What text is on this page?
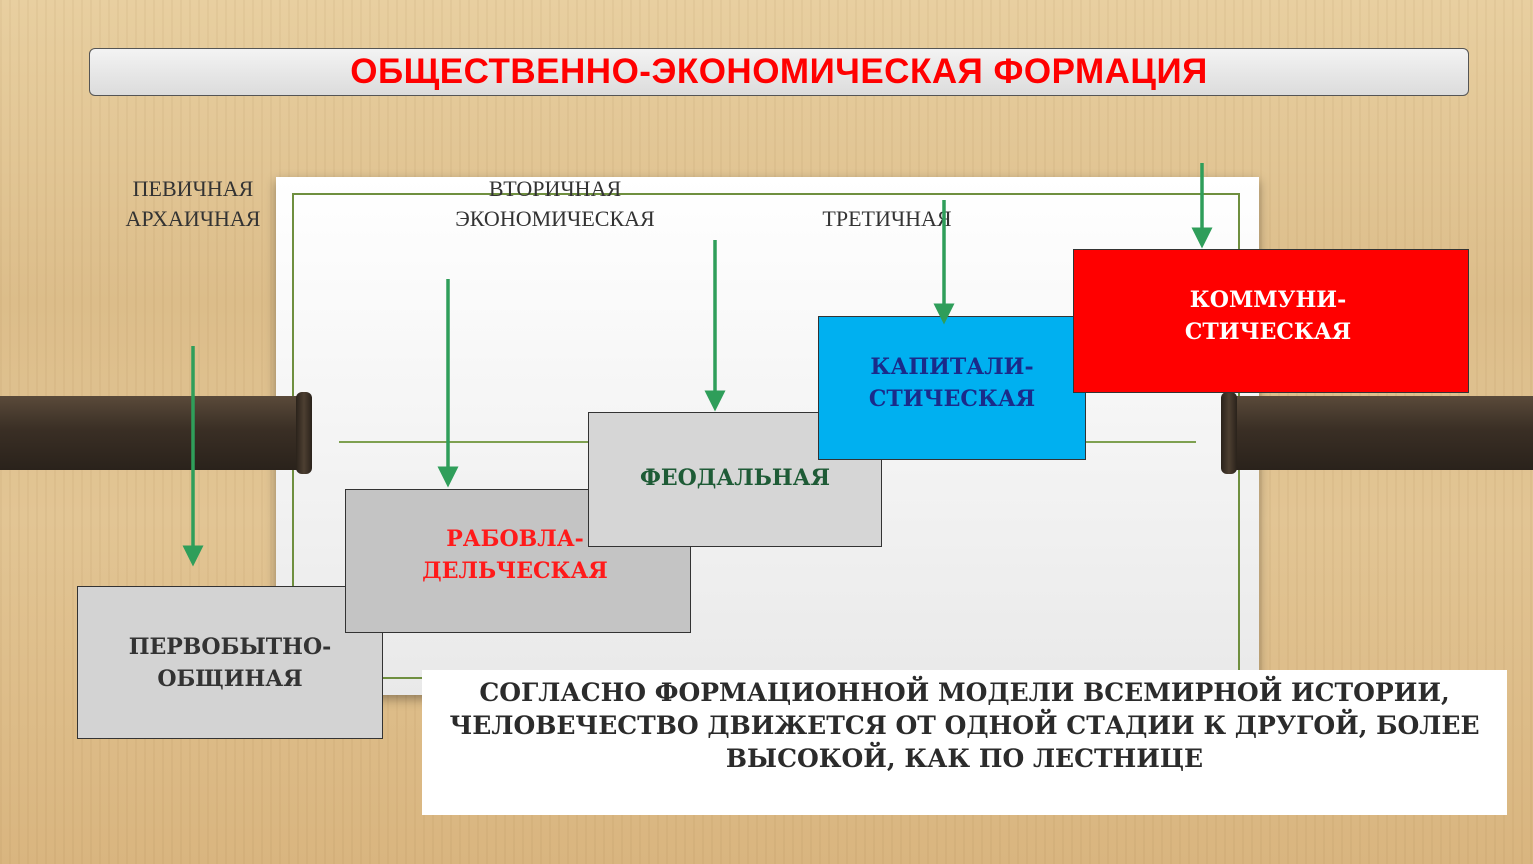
ОБЩЕСТВЕННО-ЭКОНОМИЧЕСКАЯ ФОРМАЦИЯ
ПЕВИЧНАЯ
АРХАИЧНАЯ
ВТОРИЧНАЯ
ЭКОНОМИЧЕСКАЯ	ТРЕТИЧНАЯ
ПЕРВОБЫТНО-
ОБЩИНАЯ
РАБОВЛА-
ДЕЛЬЧЕСКАЯ
ФЕОДАЛЬНАЯ
КАПИТАЛИ-
СТИЧЕСКАЯ
КОММУНИ-
СТИЧЕСКАЯ
СОГЛАСНО ФОРМАЦИОННОЙ МОДЕЛИ ВСЕМИРНОЙ ИСТОРИИ,
ЧЕЛОВЕЧЕСТВО ДВИЖЕТСЯ ОТ ОДНОЙ СТАДИИ К ДРУГОЙ, БОЛЕЕ
ВЫСОКОЙ, КАК ПО ЛЕСТНИЦЕ
